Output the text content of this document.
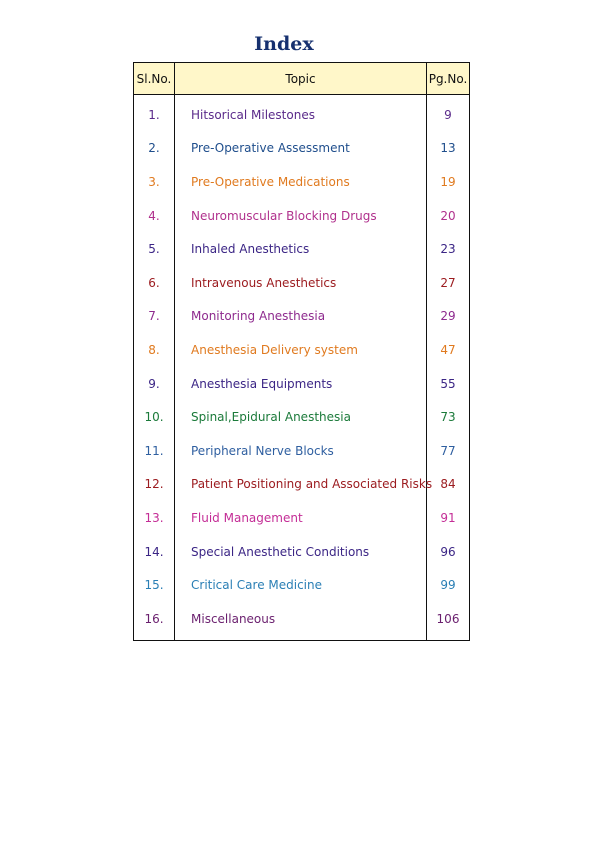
Index
Sl.No.	Topic	Pg.No.
1.	Hitsorical Milestones	9
2.	Pre-Operative Assessment	13
3.	Pre-Operative Medications	19
4.	Neuromuscular Blocking Drugs	20
5.	Inhaled Anesthetics	23
6.	Intravenous Anesthetics	27
7.	Monitoring Anesthesia	29
8.	Anesthesia Delivery system	47
9.	Anesthesia Equipments	55
10.	Spinal,Epidural Anesthesia	73
11.	Peripheral Nerve Blocks	77
12.	Patient Positioning and Associated Risks	84
13.	Fluid Management	91
14.	Special Anesthetic Conditions	96
15.	Critical Care Medicine	99
16.	Miscellaneous	106
